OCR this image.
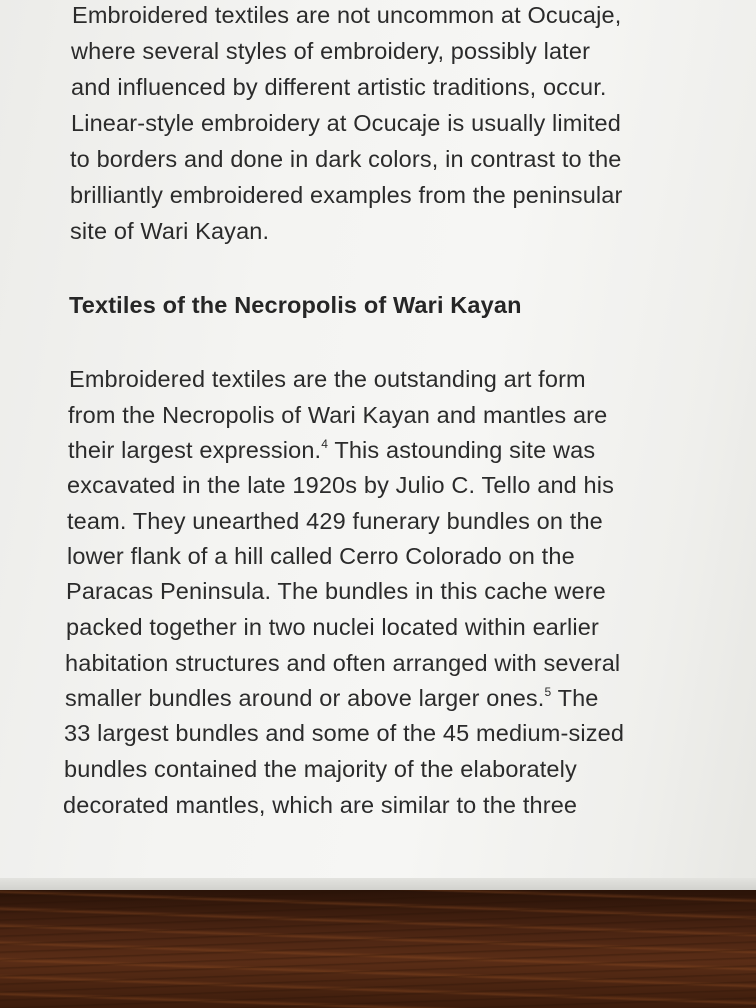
Embroidered textiles are not uncommon at Ocucaje,
where several styles of embroidery, possibly later
and influenced by different artistic traditions, occur.
Linear-style embroidery at Ocucaje is usually limited
to borders and done in dark colors, in contrast to the
brilliantly embroidered examples from the peninsular
site of Wari Kayan.
Textiles of the Necropolis of Wari Kayan
Embroidered textiles are the outstanding art form
from the Necropolis of Wari Kayan and mantles are
their largest expression.$^4$ This astounding site was
excavated in the late 1920s by Julio C. Tello and his
team. They unearthed 429 funerary bundles on the
lower flank of a hill called Cerro Colorado on the
Paracas Peninsula. The bundles in this cache were
packed together in two nuclei located within earlier
habitation structures and often arranged with several
smaller bundles around or above larger ones.$^5$ The
33 largest bundles and some of the 45 medium-sized
bundles contained the majority of the elaborately
decorated mantles, which are similar to the three
